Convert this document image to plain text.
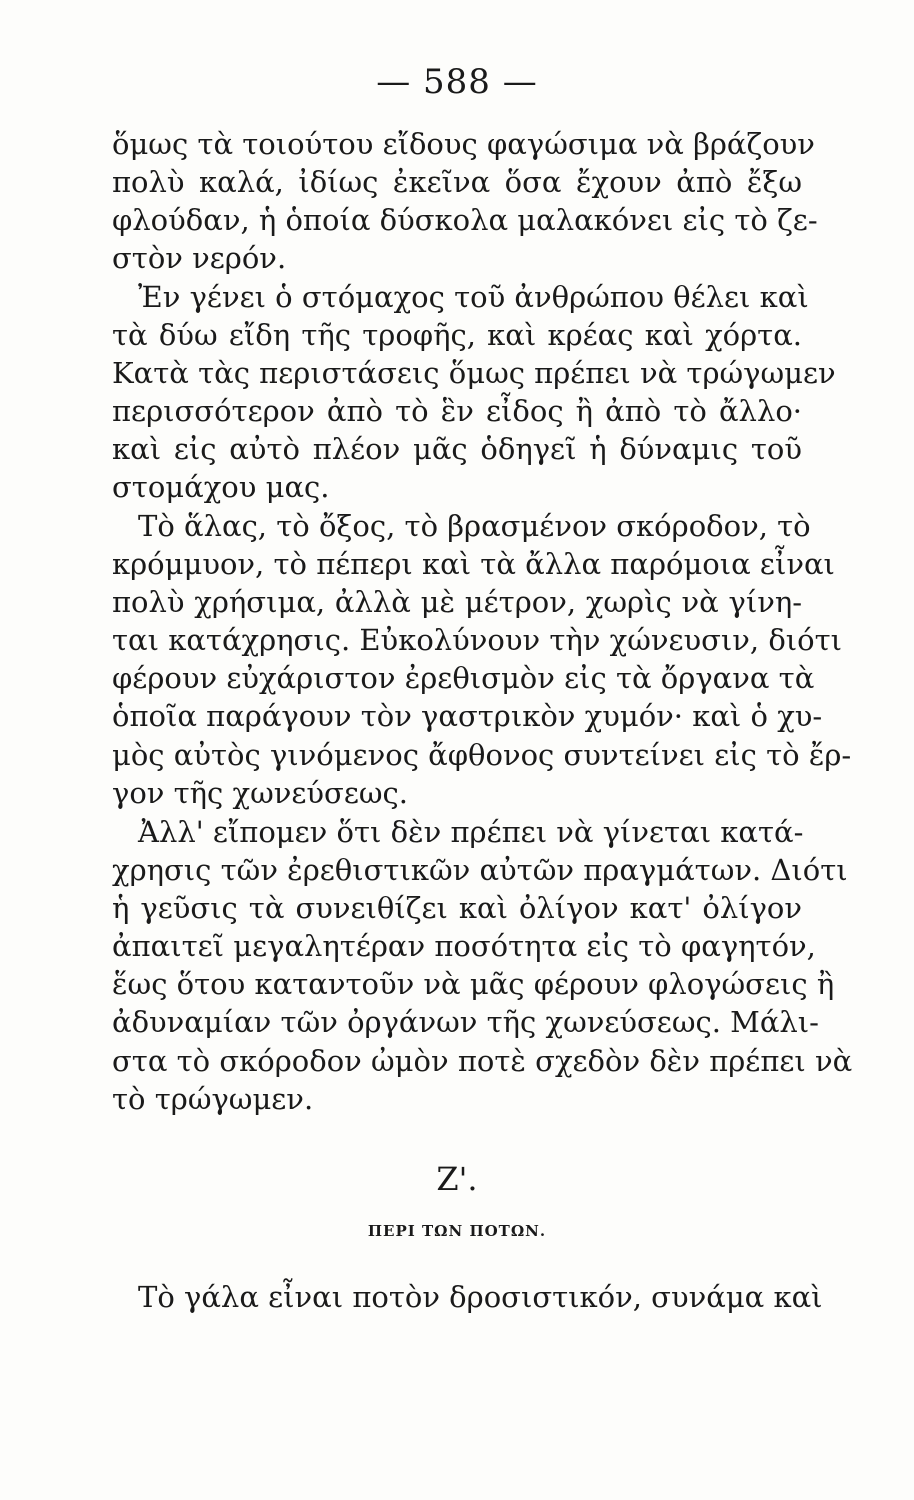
— 588 —
ὅμως τὰ τοιούτου εἴδους φαγώσιμα νὰ βράζουν
πολὺ καλά, ἰδίως ἐκεῖνα ὅσα ἔχουν ἀπὸ ἔξω
φλούδαν, ἡ ὁποία δύσκολα μαλακόνει εἰς τὸ ζε-
στὸν νερόν.
Ἐν γένει ὁ στόμαχος τοῦ ἀνθρώπου θέλει καὶ
τὰ δύω εἴδη τῆς τροφῆς, καὶ κρέας καὶ χόρτα.
Κατὰ τὰς περιστάσεις ὅμως πρέπει νὰ τρώγωμεν
περισσότερον ἀπὸ τὸ ἓν εἶδος ἢ ἀπὸ τὸ ἄλλο·
καὶ εἰς αὐτὸ πλέον μᾶς ὁδηγεῖ ἡ δύναμις τοῦ
στομάχου μας.
Τὸ ἅλας, τὸ ὄξος, τὸ βρασμένον σκόροδον, τὸ
κρόμμυον, τὸ πέπερι καὶ τὰ ἄλλα παρόμοια εἶναι
πολὺ χρήσιμα, ἀλλὰ μὲ μέτρον, χωρὶς νὰ γίνη-
ται κατάχρησις. Εὐκολύνουν τὴν χώνευσιν, διότι
φέρουν εὐχάριστον ἐρεθισμὸν εἰς τὰ ὄργανα τὰ
ὁποῖα παράγουν τὸν γαστρικὸν χυμόν· καὶ ὁ χυ-
μὸς αὐτὸς γινόμενος ἄφθονος συντείνει εἰς τὸ ἔρ-
γον τῆς χωνεύσεως.
Ἀλλ' εἴπομεν ὅτι δὲν πρέπει νὰ γίνεται κατά-
χρησις τῶν ἐρεθιστικῶν αὐτῶν πραγμάτων. Διότι
ἡ γεῦσις τὰ συνειθίζει καὶ ὀλίγον κατ' ὀλίγον
ἀπαιτεῖ μεγαλητέραν ποσότητα εἰς τὸ φαγητόν,
ἕως ὅτου καταντοῦν νὰ μᾶς φέρουν φλογώσεις ἢ
ἀδυναμίαν τῶν ὀργάνων τῆς χωνεύσεως. Μάλι-
στα τὸ σκόροδον ὠμὸν ποτὲ σχεδὸν δὲν πρέπει νὰ
τὸ τρώγωμεν.
Ζ'.
ΠΕΡΙ ΤΩΝ ΠΟΤΩΝ.
Τὸ γάλα εἶναι ποτὸν δροσιστικόν, συνάμα καὶ
